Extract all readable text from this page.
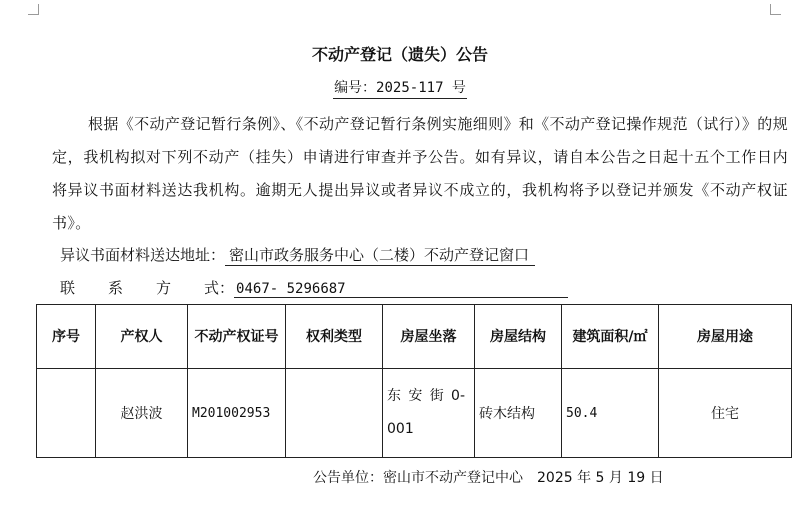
不动产登记（遗失）公告
编号：2025-117 号
根据《不动产登记暂行条例》、《不动产登记暂行条例实施细则》和《不动产登记操作规范（试行）》的规定，我机构拟对下列不动产（挂失）申请进行审查并予公告。如有异议，请自本公告之日起十五个工作日内将异议书面材料送达我机构。逾期无人提出异议或者异议不成立的，我机构将予以登记并颁发《不动产权证书》。
异议书面材料送达地址： 密山市政务服务中心（二楼）不动产登记窗口
联系方式： 0467- 5296687
序号	产权人	不动产权证号	权利类型	房屋坐落	房屋结构	建筑面积/㎡	房屋用途
	赵洪波	M201002953		东 安 街 0-001	砖木结构	50.4	住宅
公告单位：密山市不动产登记中心 2025 年 5 月 19 日
